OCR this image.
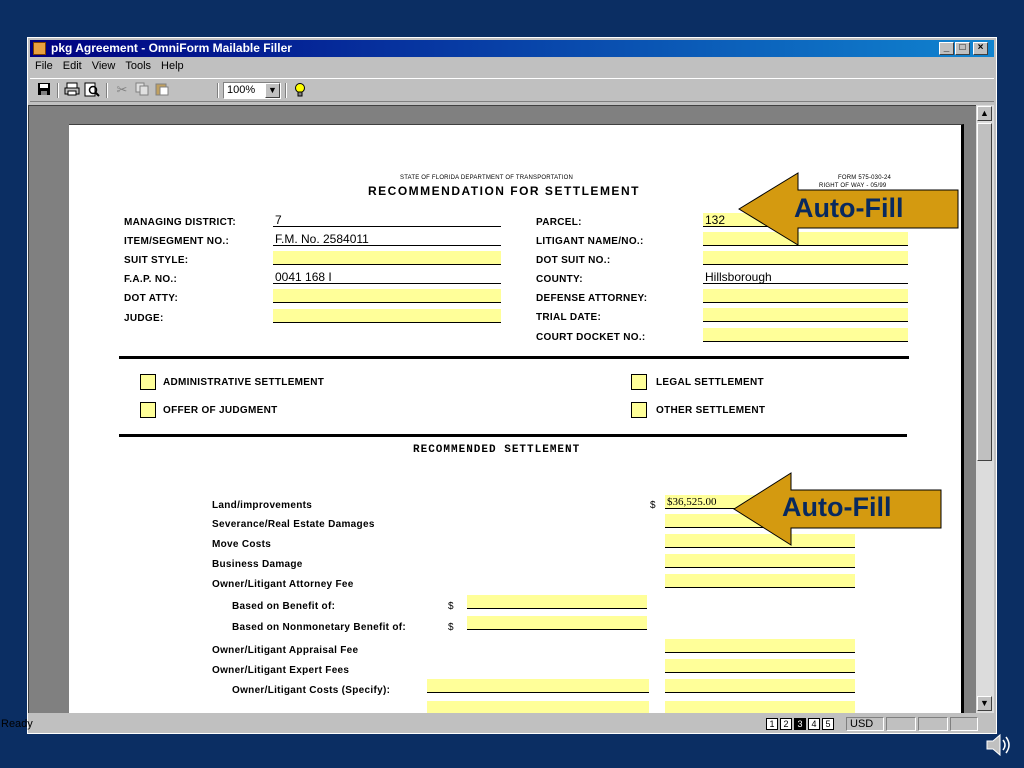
pkg Agreement - OmniForm Mailable Filler	_	□	×
File Edit View Tools Help
✂	100%	▼
STATE OF FLORIDA DEPARTMENT OF TRANSPORTATION
RECOMMENDATION FOR SETTLEMENT
FORM 575-030-24
RIGHT OF WAY - 05/99
MANAGING DISTRICT:	7
ITEM/SEGMENT NO.:	F.M. No. 2584011
SUIT STYLE:
F.A.P. NO.:	0041 168 I
DOT ATTY:
JUDGE:
PARCEL:	132
LITIGANT NAME/NO.:
DOT SUIT NO.:
COUNTY:	Hillsborough
DEFENSE ATTORNEY:
TRIAL DATE:
COURT DOCKET NO.:
ADMINISTRATIVE SETTLEMENT
OFFER OF JUDGMENT
LEGAL SETTLEMENT
OTHER SETTLEMENT
RECOMMENDED SETTLEMENT
Land/improvements	$ $36,525.00
Severance/Real Estate Damages
Move Costs
Business Damage
Owner/Litigant Attorney Fee
Based on Benefit of:	$
Based on Nonmonetary Benefit of:	$
Owner/Litigant Appraisal Fee
Owner/Litigant Expert Fees
Owner/Litigant Costs (Specify):
▲
▼
Ready	1 2 3 4 5	USD
Auto-Fill
Auto-Fill
